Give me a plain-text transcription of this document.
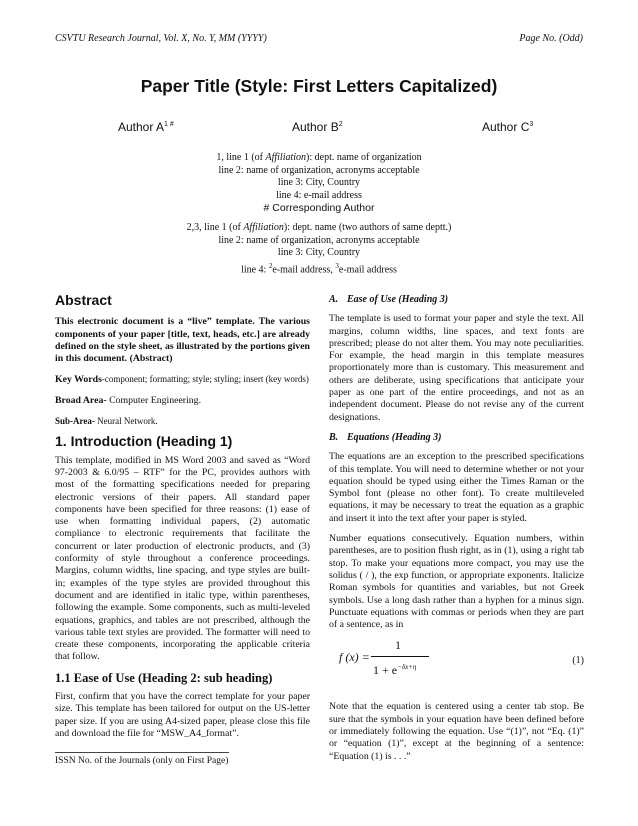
CSVTU Research Journal, Vol. X, No. Y, MM (YYYY)	Page No. (Odd)
Paper Title (Style: First Letters Capitalized)
Author $A^{1 \#}$	Author $B^2$	Author $C^3$
1, line 1 (of Affiliation): dept. name of organization
line 2: name of organization, acronyms acceptable
line 3: City, Country
line 4: e-mail address
# Corresponding Author
2,3, line 1 (of Affiliation): dept. name (two authors of same deptt.)
line 2: name of organization, acronyms acceptable
line 3: City, Country
line 4: $^2$e-mail address, $^3$e-mail address
Abstract

This electronic document is a “live” template. The various components of your paper [title, text, heads, etc.] are already defined on the style sheet, as illustrated by the portions given in this document. (Abstract)

Key Words-component; formatting; style; styling; insert (key words)

Broad Area- Computer Engineering.

Sub-Area- Neural Network.

1. Introduction (Heading 1)

This template, modified in MS Word 2003 and saved as “Word 97-2003 & 6.0/95 – RTF” for the PC, provides authors with most of the formatting specifications needed for preparing electronic versions of their papers. All standard paper components have been specified for three reasons: (1) ease of use when formatting individual papers, (2) automatic compliance to electronic requirements that facilitate the concurrent or later production of electronic products, and (3) conformity of style throughout a conference proceedings. Margins, column widths, line spacing, and type styles are built-in; examples of the type styles are provided throughout this document and are identified in italic type, within parentheses, following the example. Some components, such as multi-leveled equations, graphics, and tables are not prescribed, although the various table text styles are provided. The formatter will need to create these components, incorporating the applicable criteria that follow.

1.1 Ease of Use (Heading 2: sub heading)

First, confirm that you have the correct template for your paper size. This template has been tailored for output on the US-letter paper size. If you are using A4-sized paper, please close this file and download the file for “MSW_A4_format”.

A. Ease of Use (Heading 3)

The template is used to format your paper and style the text. All margins, column widths, line spaces, and text fonts are prescribed; please do not alter them. You may note peculiarities. For example, the head margin in this template measures proportionately more than is customary. This measurement and others are deliberate, using specifications that anticipate your paper as one part of the entire proceedings, and not as an independent document. Please do not revise any of the current designations.

B. Equations (Heading 3)

The equations are an exception to the prescribed specifications of this template. You will need to determine whether or not your equation should be typed using either the Times Raman or the Symbol font (please no other font). To create multileveled equations, it may be necessary to treat the equation as a graphic and insert it into the text after your paper is styled.

Number equations consecutively. Equation numbers, within parentheses, are to position flush right, as in (1), using a right tab stop. To make your equations more compact, you may use the solidus ( / ), the exp function, or appropriate exponents. Italicize Roman symbols for quantities and variables, but not Greek symbols. Use a long dash rather than a hyphen for a minus sign. Punctuate equations with commas or periods when they are part of a sentence, as in

f (x) =
1
$1 + e^{-\delta x+\eta}$
(1)

Note that the equation is centered using a center tab stop. Be sure that the symbols in your equation have been defined before or immediately following the equation. Use “(1)”, not “Eq. (1)” or “equation (1)”, except at the beginning of a sentence: “Equation (1) is . . .”

ISSN No. of the Journals (only on First Page)
